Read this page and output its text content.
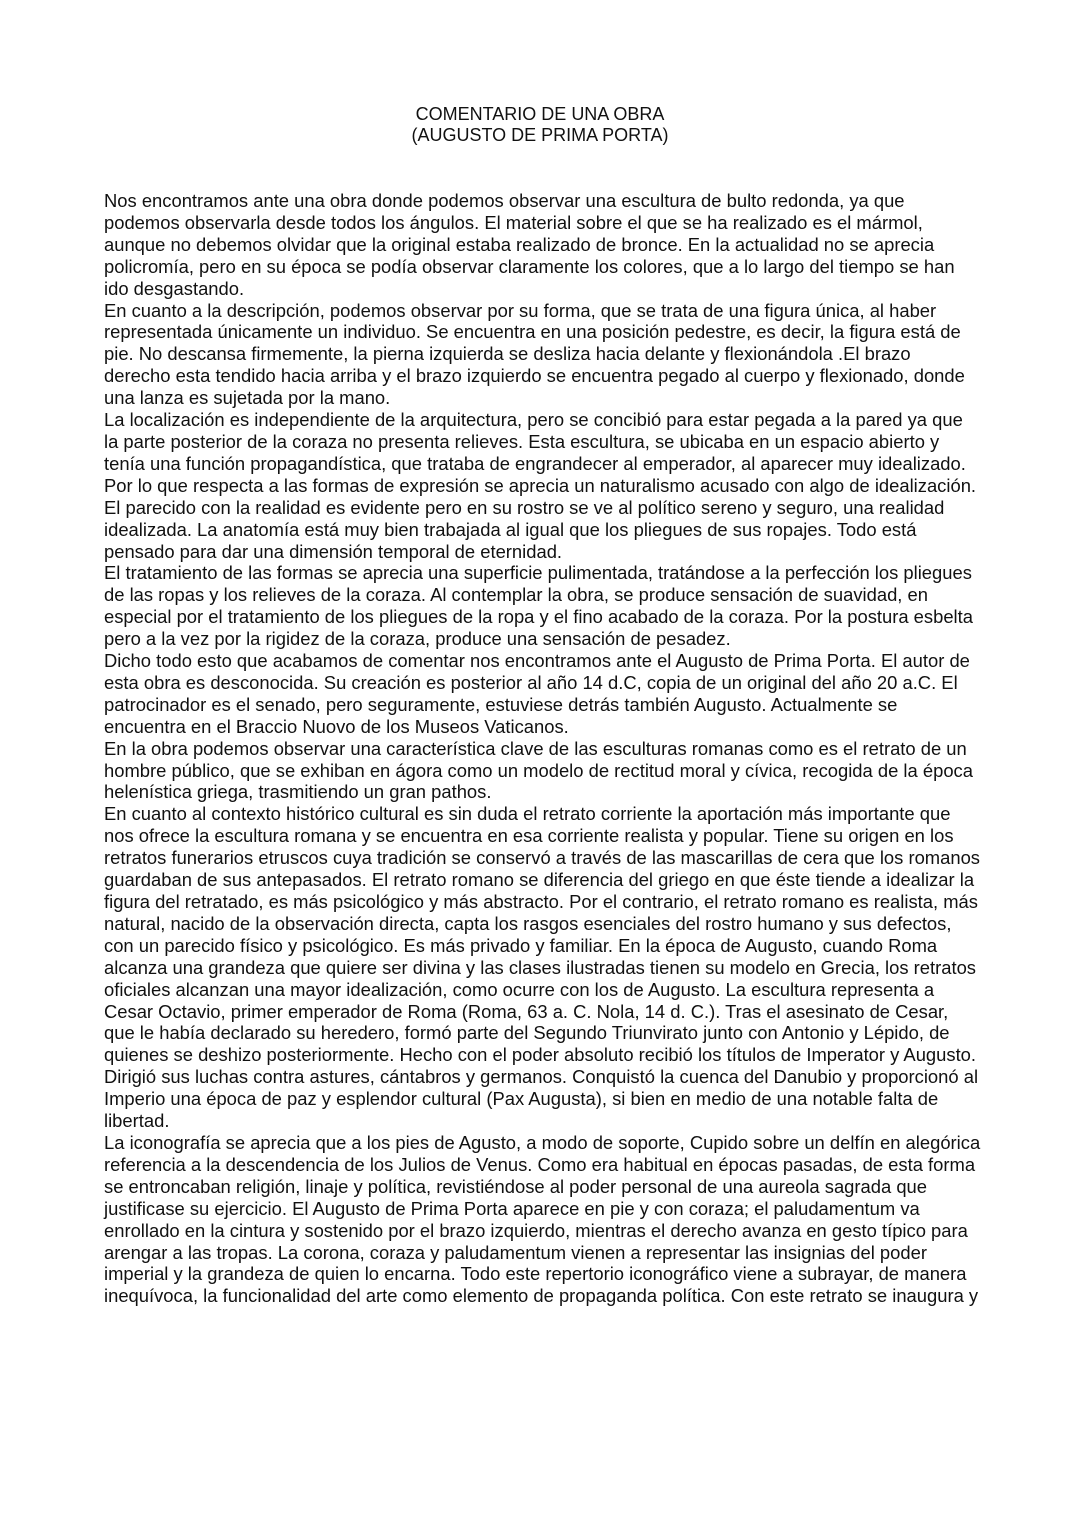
COMENTARIO DE UNA OBRA
(AUGUSTO DE PRIMA PORTA)

Nos encontramos ante una obra donde podemos observar una escultura de bulto redonda, ya que podemos observarla desde todos los ángulos. El material sobre el que se ha realizado es el mármol, aunque no debemos olvidar que la original estaba realizado de bronce. En la actualidad no se aprecia policromía, pero en su época se podía observar claramente los colores, que a lo largo del tiempo se han ido desgastando.

En cuanto a la descripción, podemos observar por su forma, que se trata de una figura única, al haber representada únicamente un individuo. Se encuentra en una posición pedestre, es decir, la figura está de pie. No descansa firmemente, la pierna izquierda se desliza hacia delante y flexionándola .El brazo derecho esta tendido hacia arriba y el brazo izquierdo se encuentra pegado al cuerpo y flexionado, donde una lanza es sujetada por la mano.

La localización es independiente de la arquitectura, pero se concibió para estar pegada a la pared ya que la parte posterior de la coraza no presenta relieves. Esta escultura, se ubicaba en un espacio abierto y tenía una función propagandística, que trataba de engrandecer al emperador, al aparecer muy idealizado.

Por lo que respecta a las formas de expresión se aprecia un naturalismo acusado con algo de idealización. El parecido con la realidad es evidente pero en su rostro se ve al político sereno y seguro, una realidad idealizada. La anatomía está muy bien trabajada al igual que los pliegues de sus ropajes. Todo está pensado para dar una dimensión temporal de eternidad.

El tratamiento de las formas se aprecia una superficie pulimentada, tratándose a la perfección los pliegues de las ropas y los relieves de la coraza. Al contemplar la obra, se produce sensación de suavidad, en especial por el tratamiento de los pliegues de la ropa y el fino acabado de la coraza. Por la postura esbelta pero a la vez por la rigidez de la coraza, produce una sensación de pesadez.

Dicho todo esto que acabamos de comentar nos encontramos ante el Augusto de Prima Porta. El autor de esta obra es desconocida. Su creación es posterior al año 14 d.C, copia de un original del año 20 a.C. El patrocinador es el senado, pero seguramente, estuviese detrás también Augusto. Actualmente se encuentra en el Braccio Nuovo de los Museos Vaticanos.

En la obra podemos observar una característica clave de las esculturas romanas como es el retrato de un hombre público, que se exhiban en ágora como un modelo de rectitud moral y cívica, recogida de la época helenística griega, trasmitiendo un gran pathos.

En cuanto al contexto histórico cultural es sin duda el retrato corriente la aportación más importante que nos ofrece la escultura romana y se encuentra en esa corriente realista y popular. Tiene su origen en los retratos funerarios etruscos cuya tradición se conservó a través de las mascarillas de cera que los romanos guardaban de sus antepasados. El retrato romano se diferencia del griego en que éste tiende a idealizar la figura del retratado, es más psicológico y más abstracto. Por el contrario, el retrato romano es realista, más natural, nacido de la observación directa, capta los rasgos esenciales del rostro humano y sus defectos, con un parecido físico y psicológico. Es más privado y familiar. En la época de Augusto, cuando Roma alcanza una grandeza que quiere ser divina y las clases ilustradas tienen su modelo en Grecia, los retratos oficiales alcanzan una mayor idealización, como ocurre con los de Augusto. La escultura representa a Cesar Octavio, primer emperador de Roma (Roma, 63 a. C. Nola, 14 d. C.). Tras el asesinato de Cesar, que le había declarado su heredero, formó parte del Segundo Triunvirato junto con Antonio y Lépido, de quienes se deshizo posteriormente. Hecho con el poder absoluto recibió los títulos de Imperator y Augusto. Dirigió sus luchas contra astures, cántabros y germanos. Conquistó la cuenca del Danubio y proporcionó al Imperio una época de paz y esplendor cultural (Pax Augusta), si bien en medio de una notable falta de libertad.

La iconografía se aprecia que a los pies de Agusto, a modo de soporte, Cupido sobre un delfín en alegórica referencia a la descendencia de los Julios de Venus. Como era habitual en épocas pasadas, de esta forma se entroncaban religión, linaje y política, revistiéndose al poder personal de una aureola sagrada que justificase su ejercicio. El Augusto de Prima Porta aparece en pie y con coraza; el paludamentum va enrollado en la cintura y sostenido por el brazo izquierdo, mientras el derecho avanza en gesto típico para arengar a las tropas. La corona, coraza y paludamentum vienen a representar las insignias del poder imperial y la grandeza de quien lo encarna. Todo este repertorio iconográfico viene a subrayar, de manera inequívoca, la funcionalidad del arte como elemento de propaganda política. Con este retrato se inaugura y
